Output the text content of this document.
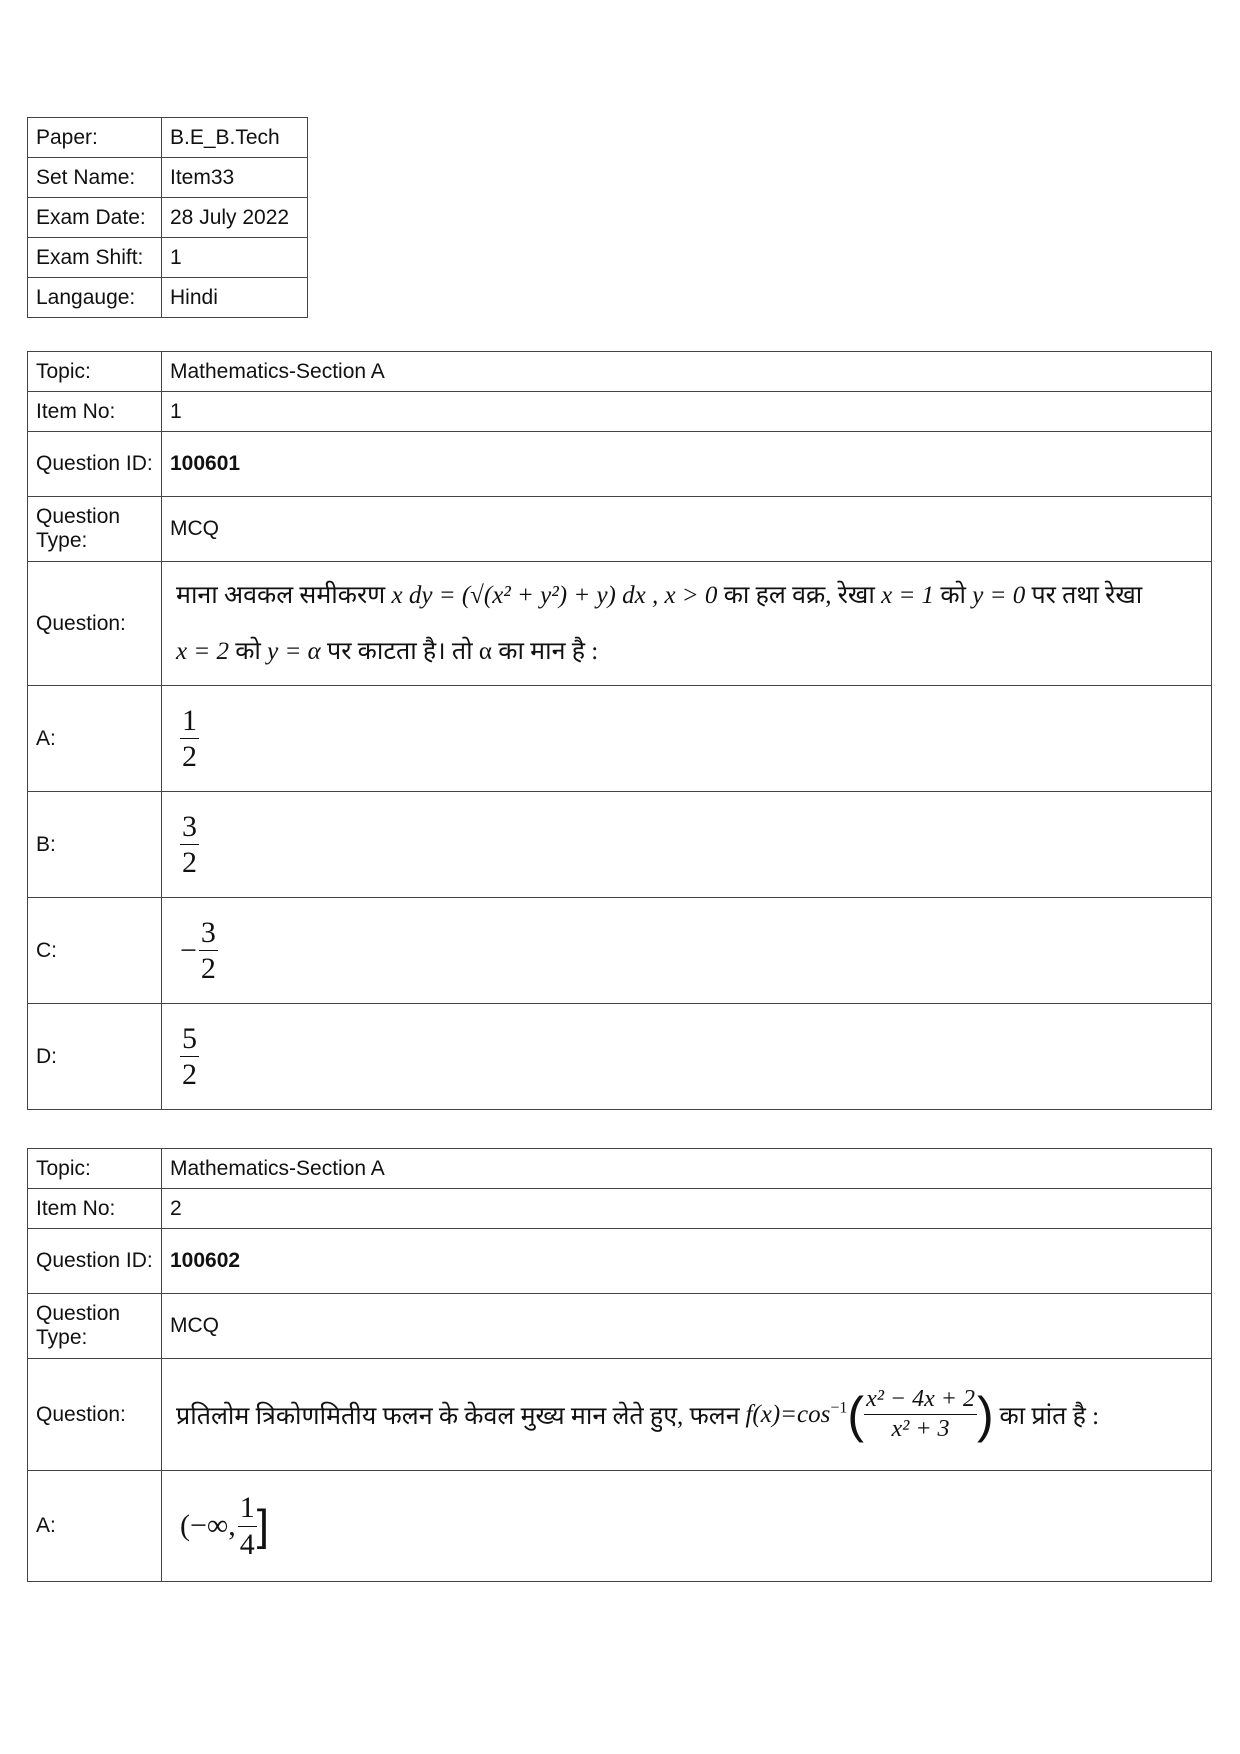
Paper:	B.E_B.Tech
Set Name:	Item33
Exam Date:	28 July 2022
Exam Shift:	1
Langauge:	Hindi
Topic:	Mathematics-Section A
Item No:	1
Question ID:	100601
Question Type:	MCQ
Question:	माना अवकल समीकरण x dy = (√(x² + y²) + y) dx , x > 0 का हल वक्र, रेखा x = 1 को y = 0 पर तथा रेखा
x = 2 को y = α पर काटता है। तो α का मान है :

A:	$\frac{1}{2}$

B:	$\frac{3}{2}$

C:	− $\frac{3}{2}$

D:	$\frac{5}{2}$
Topic:	Mathematics-Section A
Item No:	2
Question ID:	100602
Question Type:	MCQ
Question:	प्रतिलोम त्रिकोणमितीय फलन के केवल मुख्य मान लेते हुए, फलन $f(x)=\cos^{-1}( \frac{\text{x² − 4x + 2}}{\text{x² + 3}}$ ) का प्रांत है :
A:	(−∞, $\frac{1}{4}$ ]
